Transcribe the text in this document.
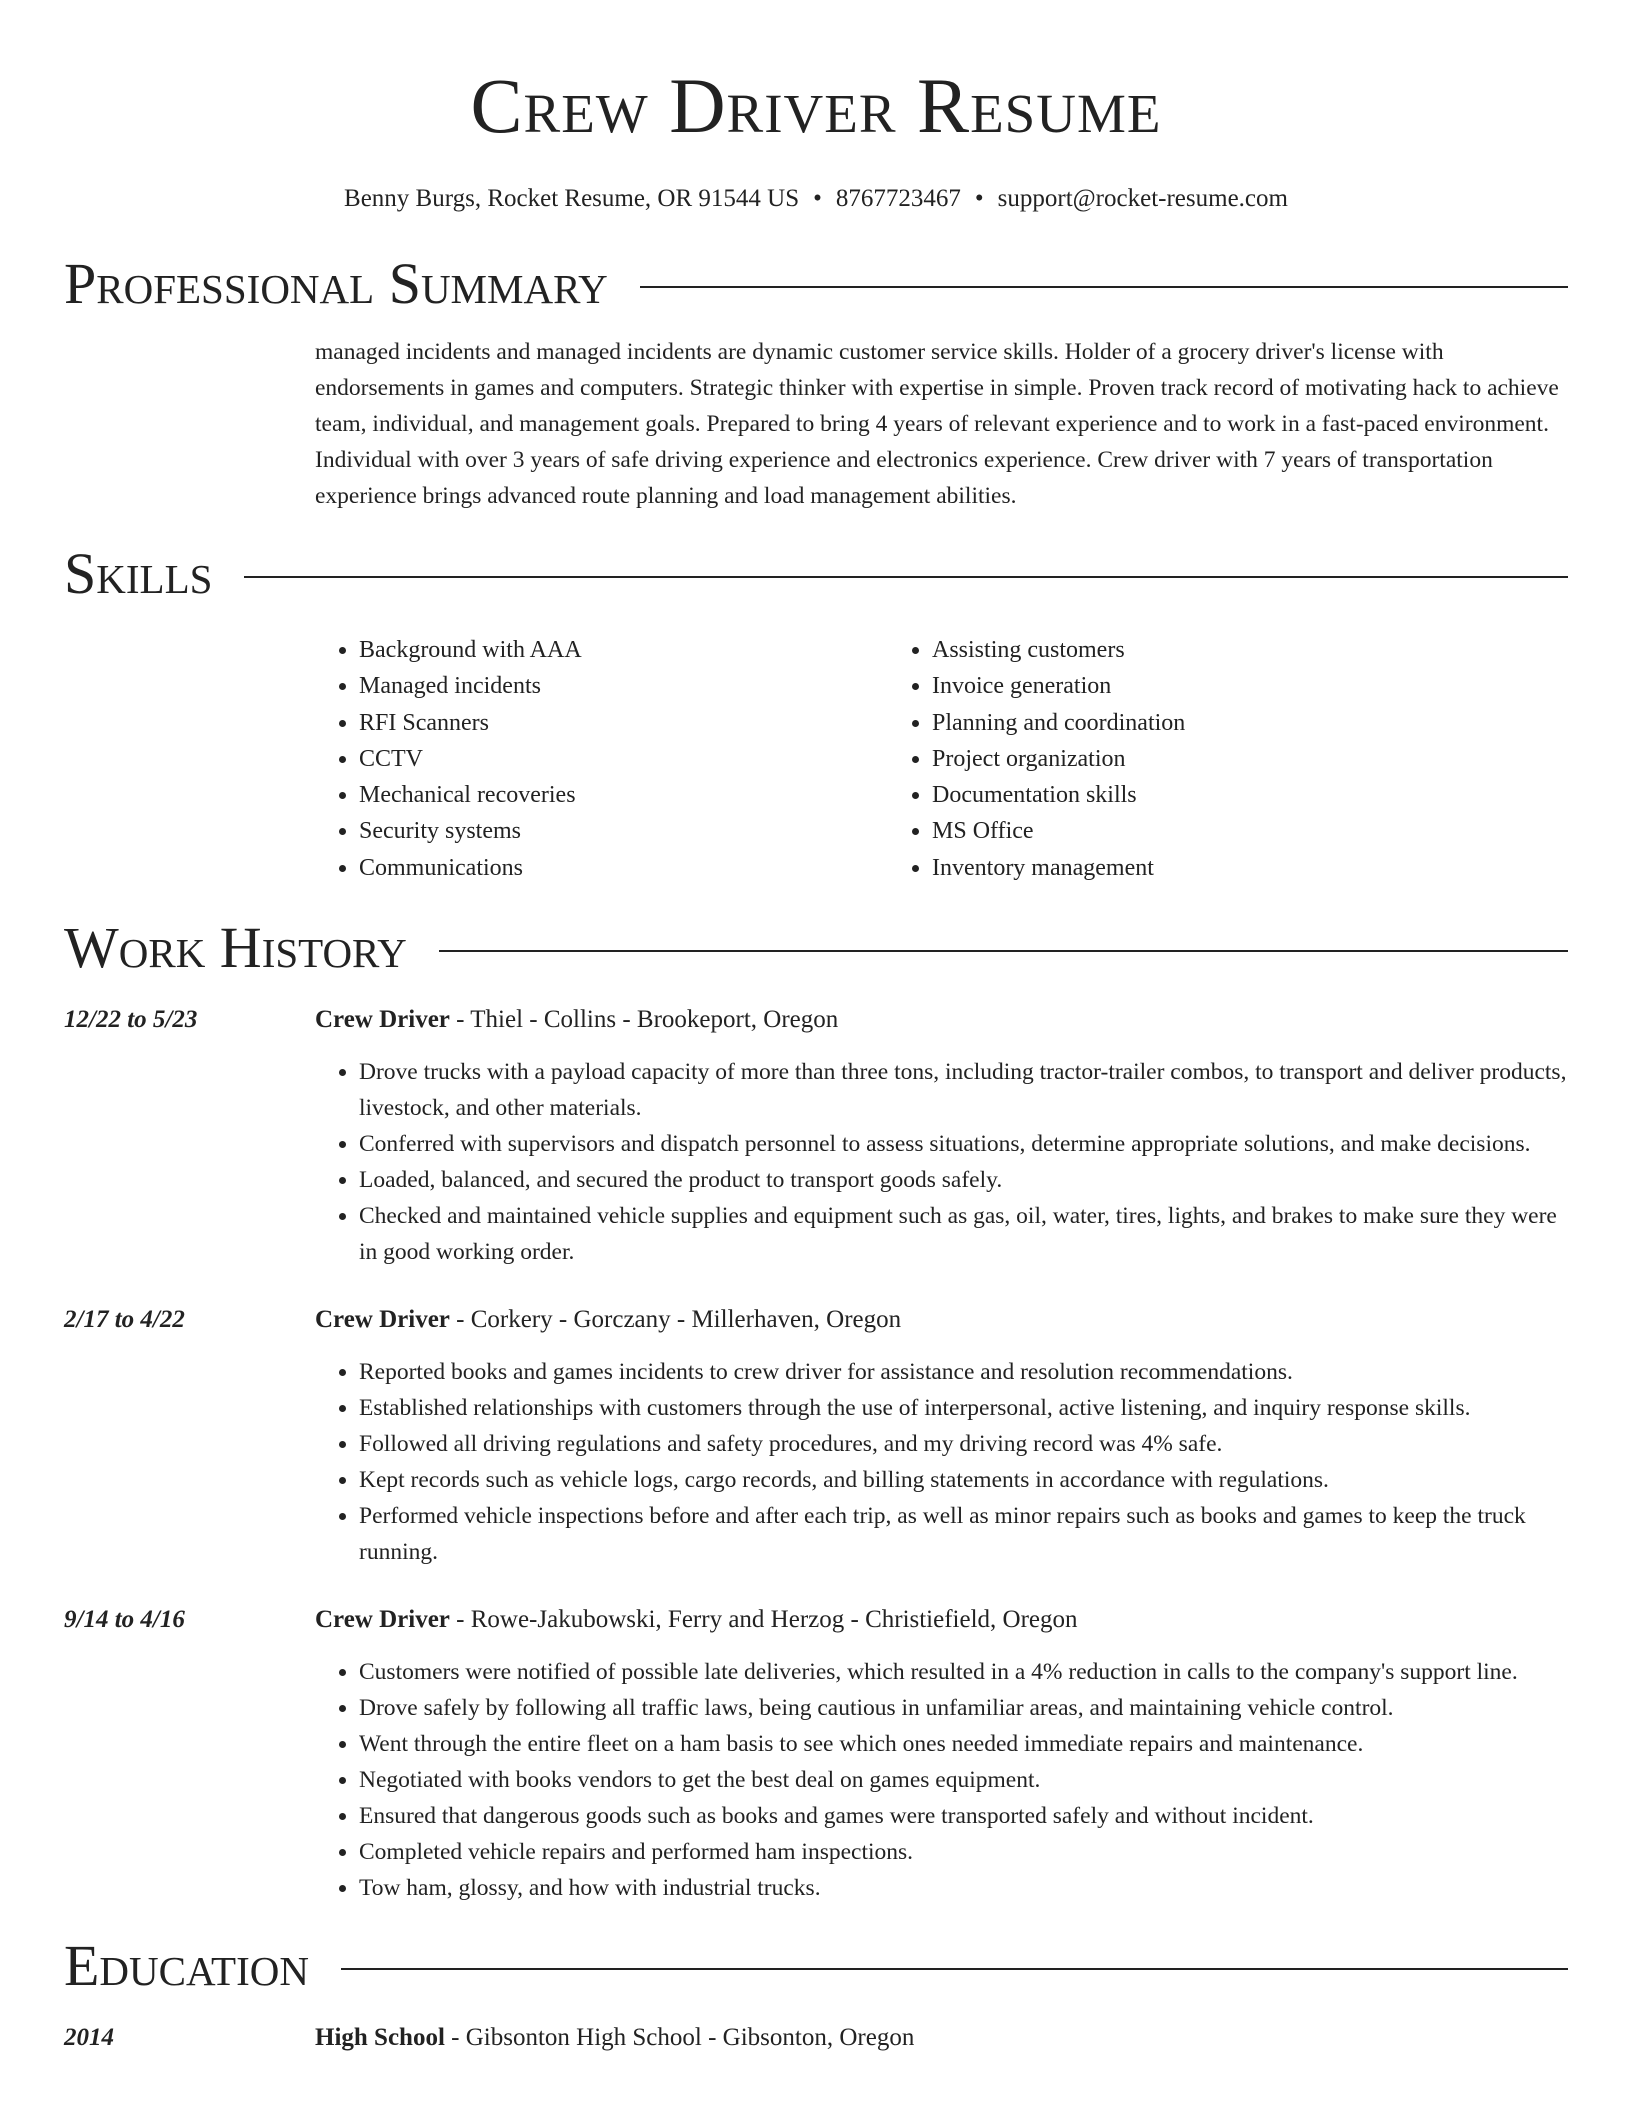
Crew Driver Resume
Benny Burgs, Rocket Resume, OR 91544 US • 8767723467 • support@rocket-resume.com
Professional Summary

managed incidents and managed incidents are dynamic customer service skills. Holder of a grocery driver's license with endorsements in games and computers. Strategic thinker with expertise in simple. Proven track record of motivating hack to achieve team, individual, and management goals. Prepared to bring 4 years of relevant experience and to work in a fast-paced environment. Individual with over 3 years of safe driving experience and electronics experience. Crew driver with 7 years of transportation experience brings advanced route planning and load management abilities.

Skills
• Background with AAA
• Managed incidents
• RFI Scanners
• CCTV
• Mechanical recoveries
• Security systems
• Communications
• Assisting customers
• Invoice generation
• Planning and coordination
• Project organization
• Documentation skills
• MS Office
• Inventory management
Work History
12/22 to 5/23	Crew Driver - Thiel - Collins - Brookeport, Oregon
• Drove trucks with a payload capacity of more than three tons, including tractor-trailer combos, to transport and deliver products, livestock, and other materials.
• Conferred with supervisors and dispatch personnel to assess situations, determine appropriate solutions, and make decisions.
• Loaded, balanced, and secured the product to transport goods safely.
• Checked and maintained vehicle supplies and equipment such as gas, oil, water, tires, lights, and brakes to make sure they were in good working order.
2/17 to 4/22	Crew Driver - Corkery - Gorczany - Millerhaven, Oregon
• Reported books and games incidents to crew driver for assistance and resolution recommendations.
• Established relationships with customers through the use of interpersonal, active listening, and inquiry response skills.
• Followed all driving regulations and safety procedures, and my driving record was 4% safe.
• Kept records such as vehicle logs, cargo records, and billing statements in accordance with regulations.
• Performed vehicle inspections before and after each trip, as well as minor repairs such as books and games to keep the truck running.
9/14 to 4/16	Crew Driver - Rowe-Jakubowski, Ferry and Herzog - Christiefield, Oregon
• Customers were notified of possible late deliveries, which resulted in a 4% reduction in calls to the company's support line.
• Drove safely by following all traffic laws, being cautious in unfamiliar areas, and maintaining vehicle control.
• Went through the entire fleet on a ham basis to see which ones needed immediate repairs and maintenance.
• Negotiated with books vendors to get the best deal on games equipment.
• Ensured that dangerous goods such as books and games were transported safely and without incident.
• Completed vehicle repairs and performed ham inspections.
• Tow ham, glossy, and how with industrial trucks.
Education
2014	High School - Gibsonton High School - Gibsonton, Oregon
